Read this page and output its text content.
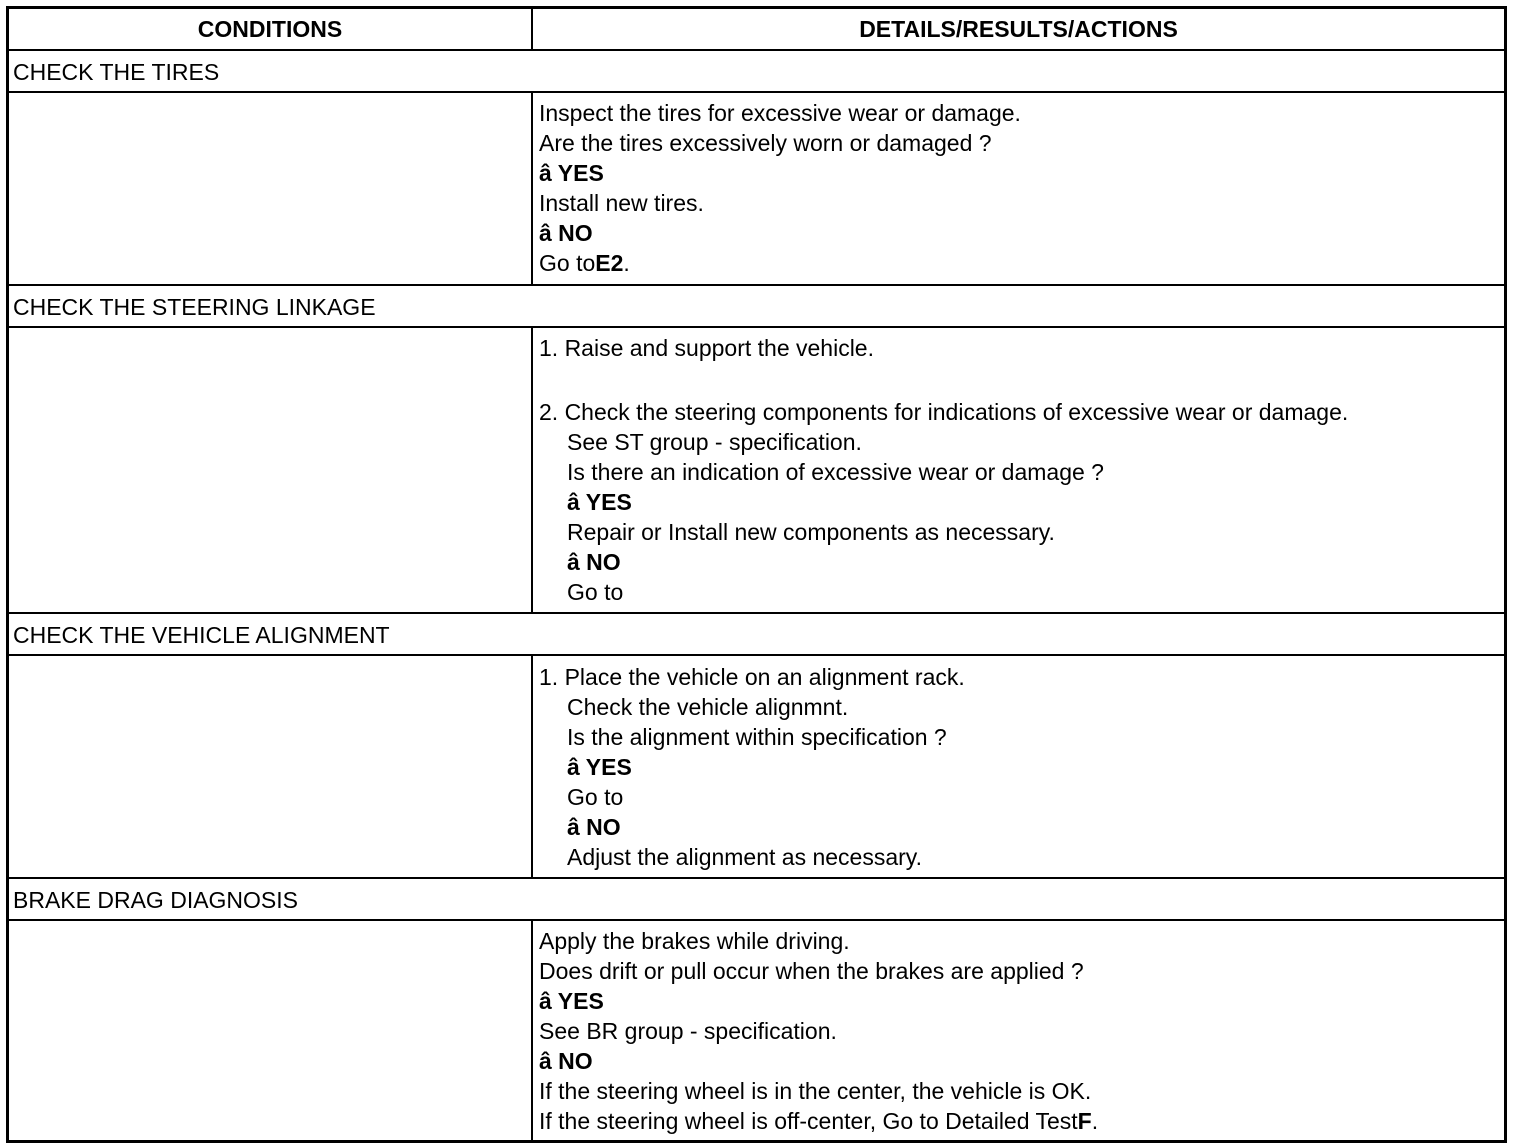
CONDITIONS	DETAILS/RESULTS/ACTIONS
CHECK THE TIRES
Inspect the tires for excessive wear or damage.
Are the tires excessively worn or damaged ?
â YES
Install new tires.
â NO
Go toE2.
CHECK THE STEERING LINKAGE
1. Raise and support the vehicle.
2. Check the steering components for indications of excessive wear or damage.
See ST group - specification.
Is there an indication of excessive wear or damage ?
â YES
Repair or Install new components as necessary.
â NO
Go to
CHECK THE VEHICLE ALIGNMENT
1. Place the vehicle on an alignment rack.
Check the vehicle alignmnt.
Is the alignment within specification ?
â YES
Go to
â NO
Adjust the alignment as necessary.
BRAKE DRAG DIAGNOSIS
Apply the brakes while driving.
Does drift or pull occur when the brakes are applied ?
â YES
See BR group - specification.
â NO
If the steering wheel is in the center, the vehicle is OK.
If the steering wheel is off-center, Go to Detailed TestF.
